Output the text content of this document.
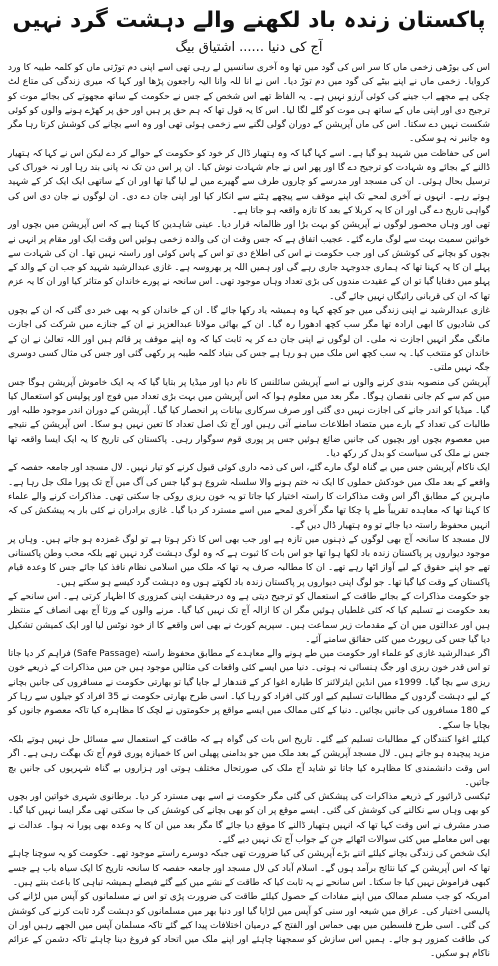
پاکستان زندہ باد لکھنے والے دہشت گرد نہیں
آج کی دنیا......اشتیاق بیگ

اس کی بوڑھی زخمی ماں کا سر اس کی گود میں تھا وہ آخری سانسیں لے رہی تھی اسے اپنی دم توڑتی ماں کو کلمہ طیبہ کا ورد کروایا۔ زخمی ماں نے اپنے بیٹے کی گود میں دم توڑ دیا۔ اس نے انا للہ وانا الیہ راجعون پڑھا اور کہا کہ میری زندگی کی متاع لٹ چکی ہے مجھے اب جینے کی کوئی آرزو نہیں ہے۔ یہ الفاظ تھے اس شخص کے جس نے حکومت کے ساتھ مجھوتے کی بجائے موت کو ترجیح دی اور اپنی ماں کے ساتھ ہی موت کو گلے لگا لیا۔ اس کا یہ قول تھا کہ ہم حق پر ہیں اور حق پر کھڑے ہونے والوں کو کوئی شکست نہیں دے سکتا۔ اس کی ماں آپریشن کے دوران گولی لگنے سے زخمی ہوئی تھی اور وہ اسے بچانے کی کوشش کرتا رہا مگر وہ جانبر نہ ہو سکی۔

اس کی حفاظت میں شہید ہو گیا ہے۔ اسے کہا گیا کہ وہ ہتھیار ڈال کر خود کو حکومت کے حوالے کر دے لیکن اس نے کہا کہ ہتھیار ڈالنے کے بجائے وہ شہادت کو ترجیح دے گا اور پھر اس نے جام شہادت نوش کیا۔ ان پر اس دن تک نہ پانی بند رہا اور نہ خوراک کی ترسیل بحال ہوئی۔ ان کی مسجد اور مدرسے کو چاروں طرف سے گھیرے میں لے لیا گیا تھا اور ان کے ساتھی ایک ایک کر کے شہید ہوتے رہے۔ انہوں نے آخری لمحے تک اپنے موقف سے پیچھے ہٹنے سے انکار کیا اور اپنی جان دے دی۔ ان لوگوں نے جان دی اس کی گواہی تاریخ دے گی اور ان کا یہ کربلا کے بعد کا تازہ واقعہ ہو جاتا ہے۔

تھی اور وہاں محصور لوگوں نے آپریشن کو بہت بڑا اور ظالمانہ قرار دیا۔ عینی شاہدین کا کہنا ہے کہ اس آپریشن میں بچوں اور خواتین سمیت بہت سے لوگ مارے گئے۔ عجیب اتفاق ہے کہ جس وقت ان کی والدہ زخمی ہوئیں اس وقت ایک اور مقام پر انہی نے بچوں کو بچانے کی کوشش کی اور جب حکومت نے اس کی اطلاع دی تو اس کے پاس کوئی اور راستہ نہیں تھا۔ ان کی شہادت سے پہلے ان کا یہ کہنا تھا کہ ہماری جدوجہد جاری رہے گی اور ہمیں اللہ پر بھروسہ ہے۔ غازی عبدالرشید شہید کو جب ان کے والد کے پہلو میں دفنایا گیا تو ان کے عقیدت مندوں کی بڑی تعداد وہاں موجود تھی۔ اس سانحہ نے پورے خاندان کو متاثر کیا اور ان کا یہ عزم تھا کہ ان کی قربانی رائیگاں نہیں جائے گی۔

غازی عبدالرشید نے اپنی زندگی میں جو کچھ کہا وہ ہمیشہ یاد رکھا جائے گا۔ ان کے خاندان کو یہ بھی خبر دی گئی کہ ان کے بچوں کی شادیوں کا ابھی ارادہ تھا مگر سب کچھ ادھورا رہ گیا۔ ان کے بھائی مولانا عبدالعزیز نے ان کے جنازے میں شرکت کی اجازت مانگی مگر انہیں اجازت نہ ملی۔ ان لوگوں نے اپنی جان دے کر یہ ثابت کیا کہ وہ اپنے موقف پر قائم ہیں اور اللہ تعالیٰ نے ان کے خاندان کو منتخب کیا۔ یہ سب کچھ اس ملک میں ہو رہا ہے جس کی بنیاد کلمہ طیبہ پر رکھی گئی اور جس کی مثال کسی دوسری جگہ نہیں ملتی۔

آپریشن کی منصوبہ بندی کرنے والوں نے اسے آپریشن سائلنس کا نام دیا اور میڈیا پر بتایا گیا کہ یہ ایک خاموش آپریشن ہوگا جس میں کم سے کم جانی نقصان ہوگا۔ مگر بعد میں معلوم ہوا کہ اس آپریشن میں بہت بڑی تعداد میں فوج اور پولیس کو استعمال کیا گیا۔ میڈیا کو اندر جانے کی اجازت نہیں دی گئی اور صرف سرکاری بیانات پر انحصار کیا گیا۔ آپریشن کے دوران اندر موجود طلبہ اور طالبات کی تعداد کے بارے میں متضاد اطلاعات سامنے آتی رہیں اور آج تک اصل تعداد کا تعین نہیں ہو سکا۔ اس آپریشن کے نتیجے میں معصوم بچوں اور بچیوں کی جانیں ضائع ہوئیں جس پر پوری قوم سوگوار رہی۔ پاکستان کی تاریخ کا یہ ایک ایسا واقعہ تھا جس نے ملک کی سیاست کو بدل کر رکھ دیا۔

ایک ناکام آپریشن جس میں بے گناہ لوگ مارے گئے، اس کی ذمہ داری کوئی قبول کرنے کو تیار نہیں۔ لال مسجد اور جامعہ حفصہ کے واقعے کے بعد ملک میں خودکش حملوں کا ایک نہ ختم ہونے والا سلسلہ شروع ہو گیا جس کی آگ میں آج تک پورا ملک جل رہا ہے۔ ماہرین کے مطابق اگر اس وقت مذاکرات کا راستہ اختیار کیا جاتا تو یہ خون ریزی روکی جا سکتی تھی۔ مذاکرات کرنے والے علماء کا کہنا تھا کہ معاہدہ تقریباً طے پا چکا تھا مگر آخری لمحے میں اسے مسترد کر دیا گیا۔ غازی برادران نے کئی بار یہ پیشکش کی کہ انہیں محفوظ راستہ دیا جائے تو وہ ہتھیار ڈال دیں گے۔

لال مسجد کا سانحہ آج بھی لوگوں کے ذہنوں میں تازہ ہے اور جب بھی اس کا ذکر ہوتا ہے تو لوگ غمزدہ ہو جاتے ہیں۔ وہاں پر موجود دیواروں پر پاکستان زندہ باد لکھا ہوا تھا جو اس بات کا ثبوت ہے کہ وہ لوگ دہشت گرد نہیں تھے بلکہ محب وطن پاکستانی تھے جو اپنے حقوق کے لیے آواز اٹھا رہے تھے۔ ان کا مطالبہ صرف یہ تھا کہ ملک میں اسلامی نظام نافذ کیا جائے جس کا وعدہ قیام پاکستان کے وقت کیا گیا تھا۔ جو لوگ اپنی دیواروں پر پاکستان زندہ باد لکھتے ہوں وہ دہشت گرد کیسے ہو سکتے ہیں۔

جو حکومت مذاکرات کے بجائے طاقت کے استعمال کو ترجیح دیتی ہے وہ درحقیقت اپنی کمزوری کا اظہار کرتی ہے۔ اس سانحے کے بعد حکومت نے تسلیم کیا کہ کئی غلطیاں ہوئیں مگر ان کا ازالہ آج تک نہیں کیا گیا۔ مرنے والوں کے ورثا آج بھی انصاف کے منتظر ہیں اور عدالتوں میں ان کے مقدمات زیر سماعت ہیں۔ سپریم کورٹ نے بھی اس واقعے کا از خود نوٹس لیا اور ایک کمیشن تشکیل دیا گیا جس کی رپورٹ میں کئی حقائق سامنے آئے۔

اگر عبدالرشید غازی کو علماء اور حکومت میں طے ہونے والے معاہدے کے مطابق محفوظ راستہ (Safe Passage) فراہم کر دیا جاتا تو اس قدر خون ریزی اور جگ ہنسائی نہ ہوتی۔ دنیا میں ایسے کئی واقعات کی مثالیں موجود ہیں جن میں مذاکرات کے ذریعے خون ریزی سے بچا گیا۔ 1999ء میں انڈین ایئرلائنز کا طیارہ اغوا کر کے قندھار لے جایا گیا تو بھارتی حکومت نے مسافروں کی جانیں بچانے کے لیے دہشت گردوں کے مطالبات تسلیم کیے اور کئی افراد کو رہا کیا۔ اسی طرح بھارتی حکومت نے 35 افراد کو جیلوں سے رہا کر کے 180 مسافروں کی جانیں بچائیں۔ دنیا کے کئی ممالک میں ایسے مواقع پر حکومتوں نے لچک کا مظاہرہ کیا تاکہ معصوم جانوں کو بچایا جا سکے۔

کیلئے اغوا کنندگان کے مطالبات تسلیم کیے گئے۔ تاریخ اس بات کی گواہ ہے کہ طاقت کے استعمال سے مسائل حل نہیں ہوتے بلکہ مزید پیچیدہ ہو جاتے ہیں۔ لال مسجد آپریشن کے بعد ملک میں جو بدامنی پھیلی اس کا خمیازہ پوری قوم آج تک بھگت رہی ہے۔ اگر اس وقت دانشمندی کا مظاہرہ کیا جاتا تو شاید آج ملک کی صورتحال مختلف ہوتی اور ہزاروں بے گناہ شہریوں کی جانیں بچ جاتیں۔

ٹیکسی ڈرائیور کے ذریعے مذاکرات کی پیشکش کی گئی مگر حکومت نے اسے بھی مسترد کر دیا۔ برطانوی شہری خواتین اور بچوں کو بھی وہاں سے نکالنے کی کوشش کی گئی۔ ایسے موقع پر ان کو بھی بچانے کی کوشش کی جا سکتی تھی مگر ایسا نہیں کیا گیا۔ صدر مشرف نے اس وقت کہا تھا کہ انہیں ہتھیار ڈالنے کا موقع دیا جائے گا مگر بعد میں ان کا یہ وعدہ بھی پورا نہ ہوا۔ عدالت نے بھی اس معاملے میں کئی سوالات اٹھائے جن کے جواب آج تک نہیں دیے گئے۔

ایک شخص کی زندگی بچانے کیلئے اتنے بڑے آپریشن کی کیا ضرورت تھی جبکہ دوسرے راستے موجود تھے۔ حکومت کو یہ سوچنا چاہئے تھا کہ اس آپریشن کے کیا نتائج برآمد ہوں گے۔ اسلام آباد کی لال مسجد اور جامعہ حفصہ کا سانحہ تاریخ کا ایک سیاہ باب ہے جسے کبھی فراموش نہیں کیا جا سکتا۔ اس سانحے نے یہ ثابت کیا کہ طاقت کے نشے میں کیے گئے فیصلے ہمیشہ تباہی کا باعث بنتے ہیں۔

امریکہ کو جب مسلم ممالک میں اپنے مفادات کے حصول کیلئے طاقت کی ضرورت پڑی تو اس نے مسلمانوں کو آپس میں لڑانے کی پالیسی اختیار کی۔ عراق میں شیعہ اور سنی کو آپس میں لڑایا گیا اور دنیا بھر میں مسلمانوں کو دہشت گرد ثابت کرنے کی کوشش کی گئی۔ اسی طرح فلسطین میں بھی حماس اور الفتح کے درمیان اختلافات پیدا کیے گئے تاکہ مسلمان آپس میں الجھے رہیں اور ان کی طاقت کمزور ہو جائے۔ ہمیں اس سازش کو سمجھنا چاہئے اور اپنے ملک میں اتحاد کو فروغ دینا چاہئے تاکہ دشمن کے عزائم ناکام ہو سکیں۔
